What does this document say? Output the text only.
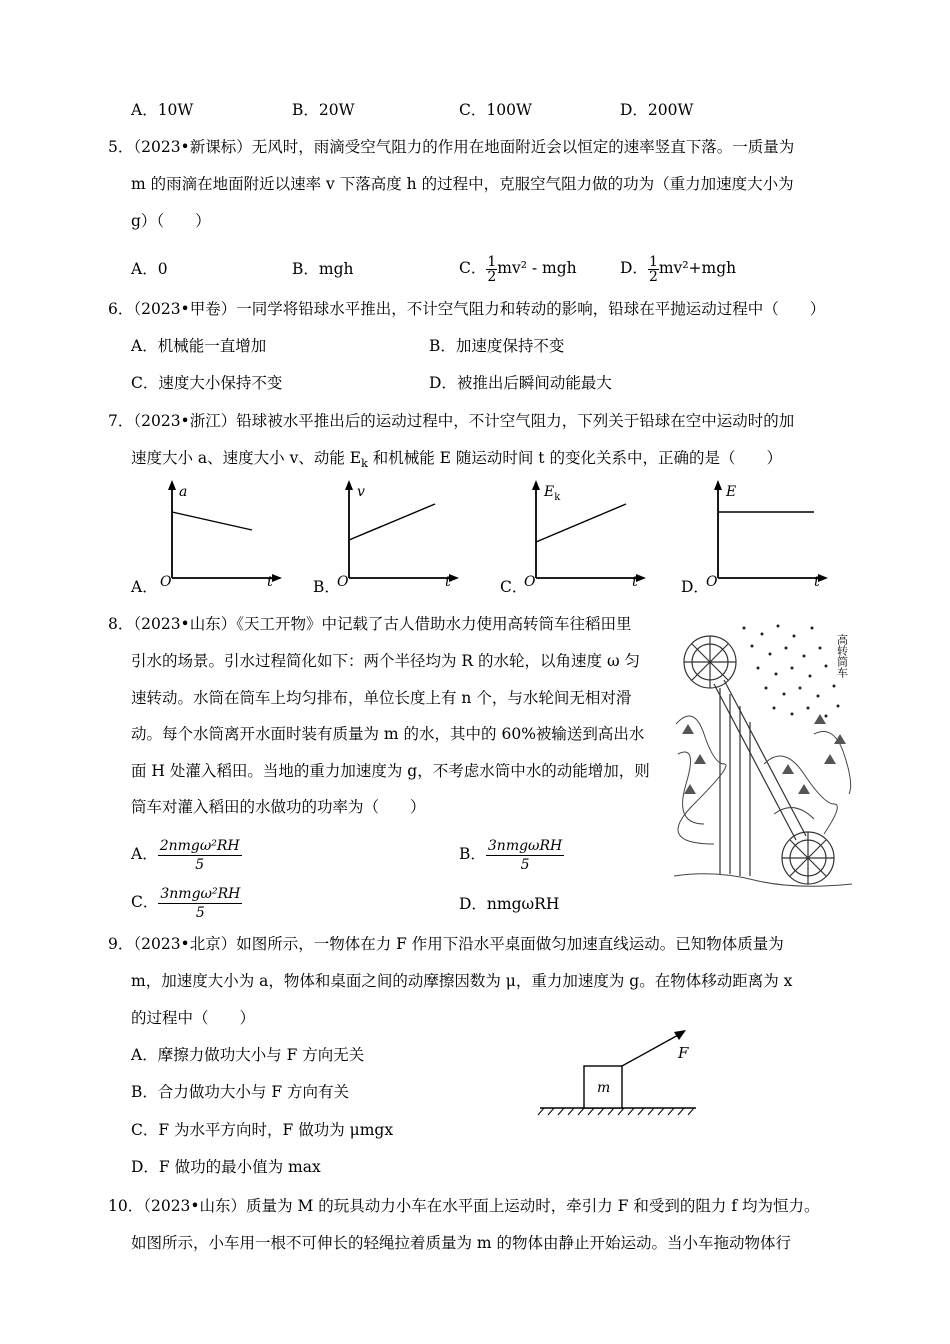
A．10W	B．20W	C．100W	D．200W
5．（2023•新课标）无风时，雨滴受空气阻力的作用在地面附近会以恒定的速率竖直下落。一质量为
m 的雨滴在地面附近以速率 v 下落高度 h 的过程中，克服空气阻力做的功为（重力加速度大小为
g）（　　）
A．0	B．mgh	C． $\frac{1}{2} mv^2$ - mgh	D． $\frac{1}{2} mv^2+mgh$
6．（2023•甲卷）一同学将铅球水平推出，不计空气阻力和转动的影响，铅球在平抛运动过程中（　　）
A．机械能一直增加	B．加速度保持不变
C．速度大小保持不变	D．被推出后瞬间动能最大
7．（2023•浙江）铅球被水平推出后的运动过程中，不计空气阻力，下列关于铅球在空中运动时的加
速度大小 a、速度大小 v、动能 $E_k$ 和机械能 E 随运动时间 t 的变化关系中，正确的是（　　）
A．
a
O	t	B．
v
O	t	C．
$E_k$
O	t	D．
E
O	t
8．（2023•山东）《天工开物》中记载了古人借助水力使用高转筒车往稻田里
引水的场景。引水过程简化如下：两个半径均为 R 的水轮，以角速度 ω 匀
速转动。水筒在筒车上均匀排布，单位长度上有 n 个，与水轮间无相对滑
动。每个水筒离开水面时装有质量为 m 的水，其中的 60%被输送到高出水
面 H 处灌入稻田。当地的重力加速度为 g，不考虑水筒中水的动能增加，则
筒车对灌入稻田的水做功的功率为（　　）
A． $\frac{\text{2nmgω²RH}}{5}$	B． $\frac{\text{3nmgωRH}}{5}$
C． $\frac{\text{3nmgω²RH}}{5}$	D．nmgωRH
高转筒车
9．（2023•北京）如图所示，一物体在力 F 作用下沿水平桌面做匀加速直线运动。已知物体质量为
m，加速度大小为 a，物体和桌面之间的动摩擦因数为 μ，重力加速度为 g。在物体移动距离为 x
的过程中（　　）
A．摩擦力做功大小与 F 方向无关
B．合力做功大小与 F 方向有关
C．F 为水平方向时，F 做功为 μmgx
D．F 做功的最小值为 max
m
F
10．（2023•山东）质量为 M 的玩具动力小车在水平面上运动时，牵引力 F 和受到的阻力 f 均为恒力。
如图所示，小车用一根不可伸长的轻绳拉着质量为 m 的物体由静止开始运动。当小车拖动物体行
